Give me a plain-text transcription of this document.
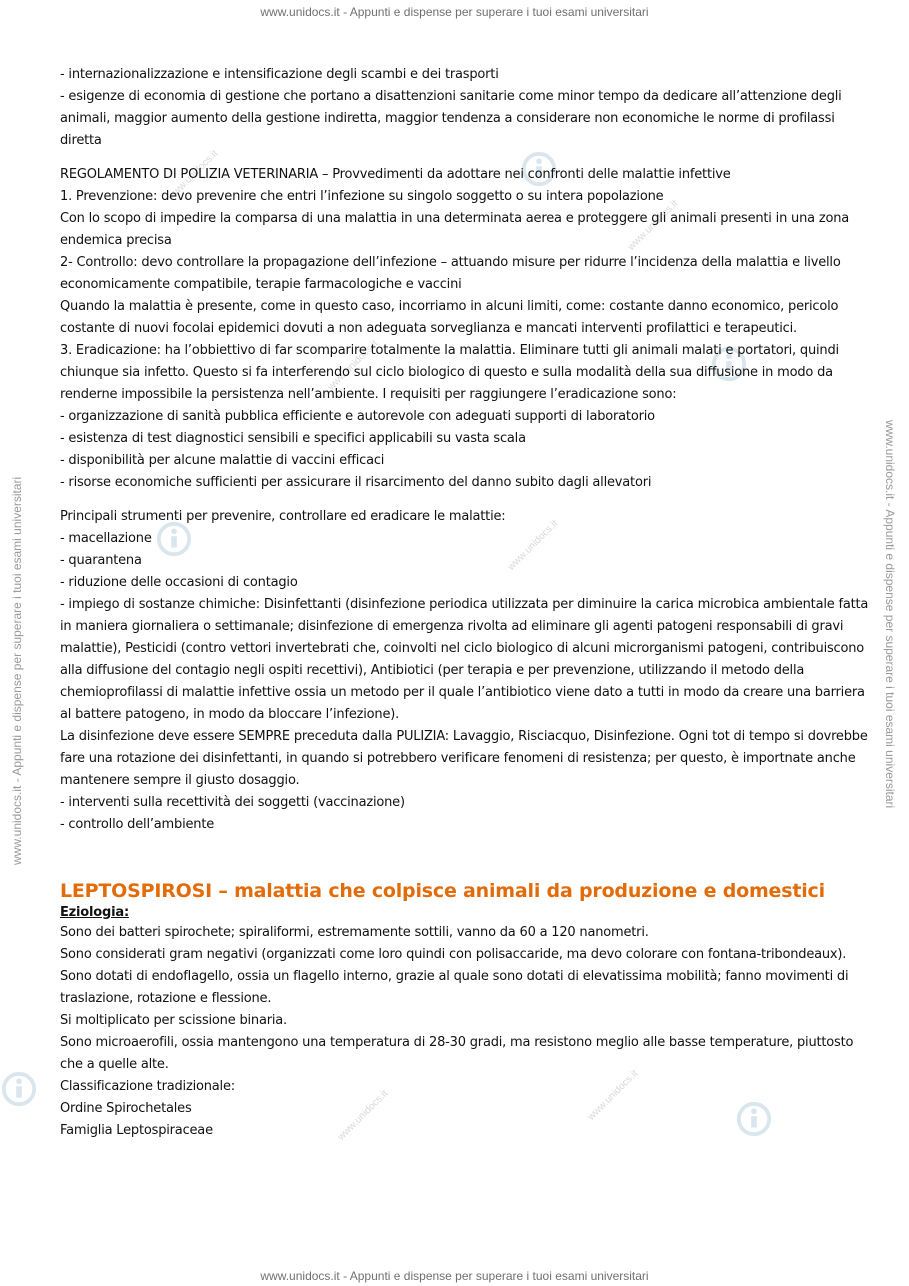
www.unidocs.it - Appunti e dispense per superare i tuoi esami universitari
www.unidocs.it - Appunti e dispense per superare i tuoi esami universitari
www.unidocs.it - Appunti e dispense per superare i tuoi esami universitari	www.unidocs.it - Appunti e dispense per superare i tuoi esami universitari
www.unidocs.it
www.unidocs.it
www.unidocs.it
www.unidocs.it
www.unidocs.it	www.unidocs.it

- internazionalizzazione e intensificazione degli scambi e dei trasporti

- esigenze di economia di gestione che portano a disattenzioni sanitarie come minor tempo da dedicare all’attenzione degli animali, maggior aumento della gestione indiretta, maggior tendenza a considerare non economiche le norme di profilassi diretta

REGOLAMENTO DI POLIZIA VETERINARIA – Provvedimenti da adottare nei confronti delle malattie infettive

1. Prevenzione: devo prevenire che entri l’infezione su singolo soggetto o su intera popolazione

Con lo scopo di impedire la comparsa di una malattia in una determinata aerea e proteggere gli animali presenti in una zona endemica precisa

2- Controllo: devo controllare la propagazione dell’infezione – attuando misure per ridurre l’incidenza della malattia e livello economicamente compatibile, terapie farmacologiche e vaccini

Quando la malattia è presente, come in questo caso, incorriamo in alcuni limiti, come: costante danno economico, pericolo costante di nuovi focolai epidemici dovuti a non adeguata sorveglianza e mancati interventi profilattici e terapeutici.

3. Eradicazione: ha l’obbiettivo di far scomparire totalmente la malattia. Eliminare tutti gli animali malati e portatori, quindi chiunque sia infetto. Questo si fa interferendo sul ciclo biologico di questo e sulla modalità della sua diffusione in modo da renderne impossibile la persistenza nell’ambiente. I requisiti per raggiungere l’eradicazione sono:

- organizzazione di sanità pubblica efficiente e autorevole con adeguati supporti di laboratorio

- esistenza di test diagnostici sensibili e specifici applicabili su vasta scala

- disponibilità per alcune malattie di vaccini efficaci

- risorse economiche sufficienti per assicurare il risarcimento del danno subito dagli allevatori

Principali strumenti per prevenire, controllare ed eradicare le malattie:

- macellazione

- quarantena

- riduzione delle occasioni di contagio

- impiego di sostanze chimiche: Disinfettanti (disinfezione periodica utilizzata per diminuire la carica microbica ambientale fatta in maniera giornaliera o settimanale; disinfezione di emergenza rivolta ad eliminare gli agenti patogeni responsabili di gravi malattie), Pesticidi (contro vettori invertebrati che, coinvolti nel ciclo biologico di alcuni microrganismi patogeni, contribuiscono alla diffusione del contagio negli ospiti recettivi), Antibiotici (per terapia e per prevenzione, utilizzando il metodo della chemioprofilassi di malattie infettive ossia un metodo per il quale l’antibiotico viene dato a tutti in modo da creare una barriera al battere patogeno, in modo da bloccare l’infezione).

La disinfezione deve essere SEMPRE preceduta dalla PULIZIA: Lavaggio, Risciacquo, Disinfezione. Ogni tot di tempo si dovrebbe fare una rotazione dei disinfettanti, in quando si potrebbero verificare fenomeni di resistenza; per questo, è importnate anche mantenere sempre il giusto dosaggio.

- interventi sulla recettività dei soggetti (vaccinazione)

- controllo dell’ambiente

LEPTOSPIROSI – malattia che colpisce animali da produzione e domestici

Eziologia:

Sono dei batteri spirochete; spiraliformi, estremamente sottili, vanno da 60 a 120 nanometri.

Sono considerati gram negativi (organizzati come loro quindi con polisaccaride, ma devo colorare con fontana-tribondeaux).

Sono dotati di endoflagello, ossia un flagello interno, grazie al quale sono dotati di elevatissima mobilità; fanno movimenti di traslazione, rotazione e flessione.

Si moltiplicato per scissione binaria.

Sono microaerofili, ossia mantengono una temperatura di 28-30 gradi, ma resistono meglio alle basse temperature, piuttosto che a quelle alte.

Classificazione tradizionale:

Ordine Spirochetales

Famiglia Leptospiraceae
